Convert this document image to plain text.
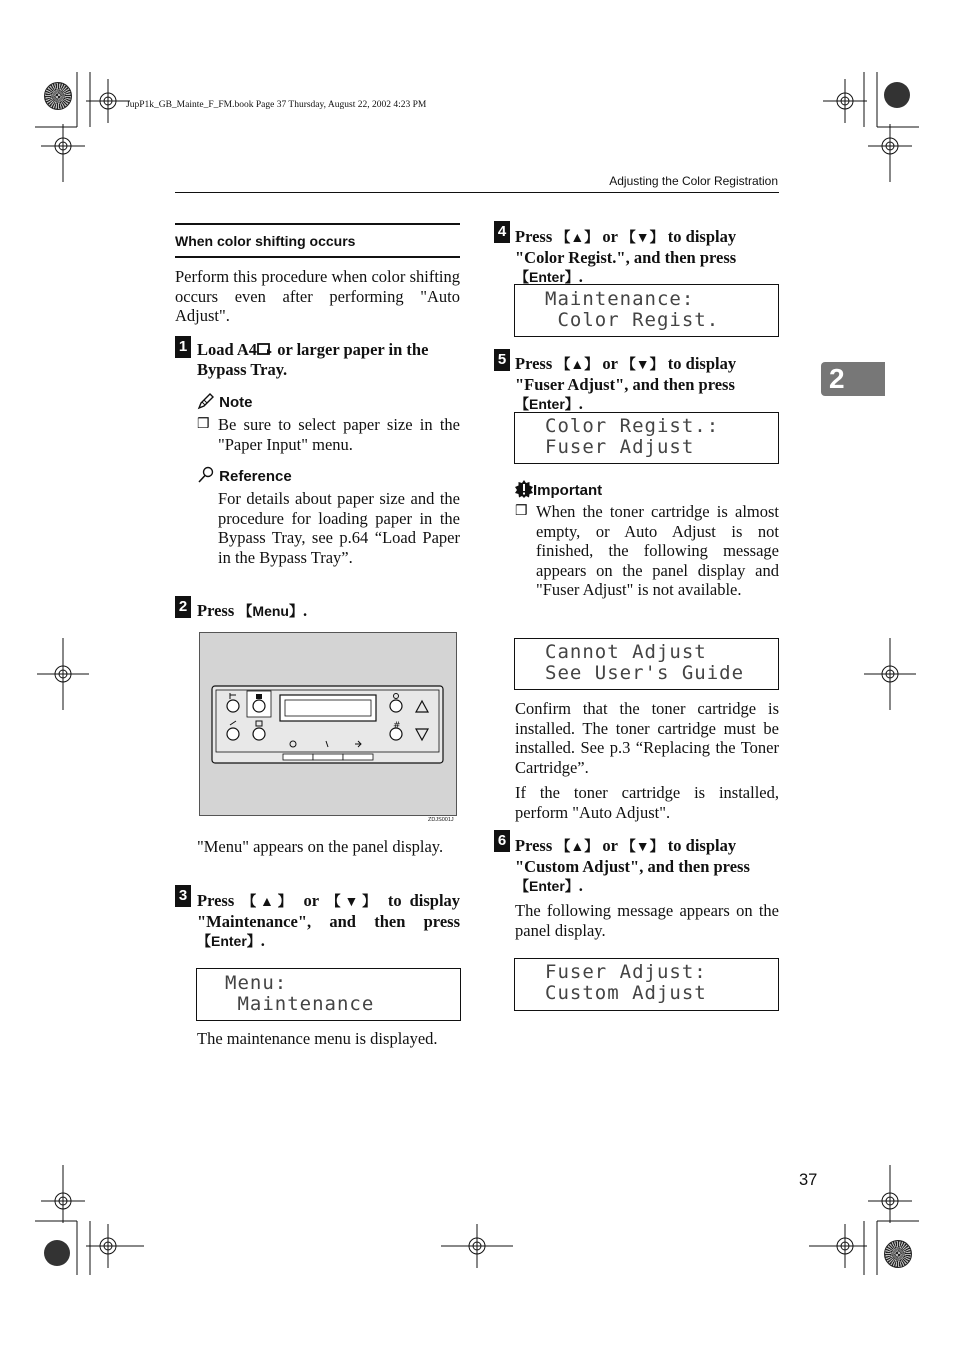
JupP1k_GB_Mainte_F_FM.book Page 37 Thursday, August 22, 2002 4:23 PM
Adjusting the Color Registration
2
When color shifting occurs
Perform this procedure when color shifting occurs even after performing "Auto Adjust".
1 Load A4 or larger paper in the Bypass Tray.
Note
❒ Be sure to select paper size in the "Paper Input" menu.
Reference
For details about paper size and the procedure for loading paper in the Bypass Tray, see p.64 “Load Paper in the Bypass Tray”.
2 Press 【Menu】.
#
ZDJS001J
"Menu" appears on the panel display.
3 Press 【▲】 or 【▼】 to display "Maintenance", and then press 【Enter】.
Menu:
Maintenance
The maintenance menu is displayed.
4 Press 【▲】 or 【▼】 to display "Color Regist.", and then press 【Enter】.
Maintenance:
Color Regist.
5 Press 【▲】 or 【▼】 to display "Fuser Adjust", and then press 【Enter】.
Color Regist.:
Fuser Adjust
Important
❒ When the toner cartridge is almost empty, or Auto Adjust is not finished, the following message appears on the panel display and "Fuser Adjust" is not available.
Cannot Adjust
See User's Guide
Confirm that the toner cartridge is installed. The toner cartridge must be installed. See p.3 “Replacing the Toner Cartridge”.
If the toner cartridge is installed, perform "Auto Adjust".
6 Press 【▲】 or 【▼】 to display "Custom Adjust", and then press 【Enter】.
The following message appears on the panel display.
Fuser Adjust:
Custom Adjust
37
